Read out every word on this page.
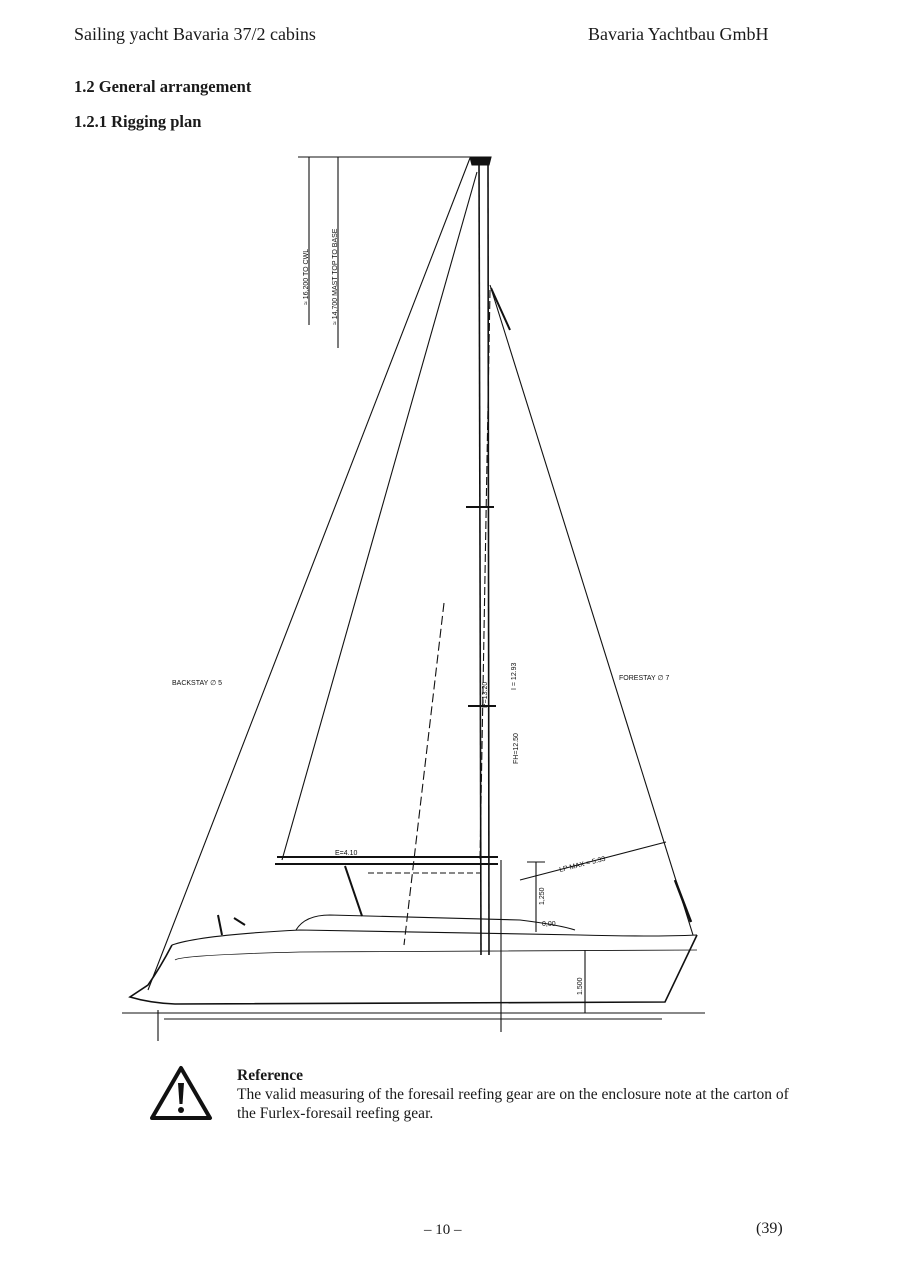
Sailing yacht Bavaria 37/2 cabins	Bavaria Yachtbau GmbH
1.2 General arrangement
1.2.1 Rigging plan
≈ 16,200 TO CWL	≈ 14,700 MAST TOP TO BASE
BACKSTAY ∅ 5
FORESTAY ∅ 7
I = 12.93
P=13.20
FH=12.50
E=4.10
LP MAX = 5.33
1,250
0,00
1.500
Reference
The valid measuring of the foresail reefing gear are on the enclosure note at the carton of the Furlex-foresail reefing gear.
– 10 –	(39)
